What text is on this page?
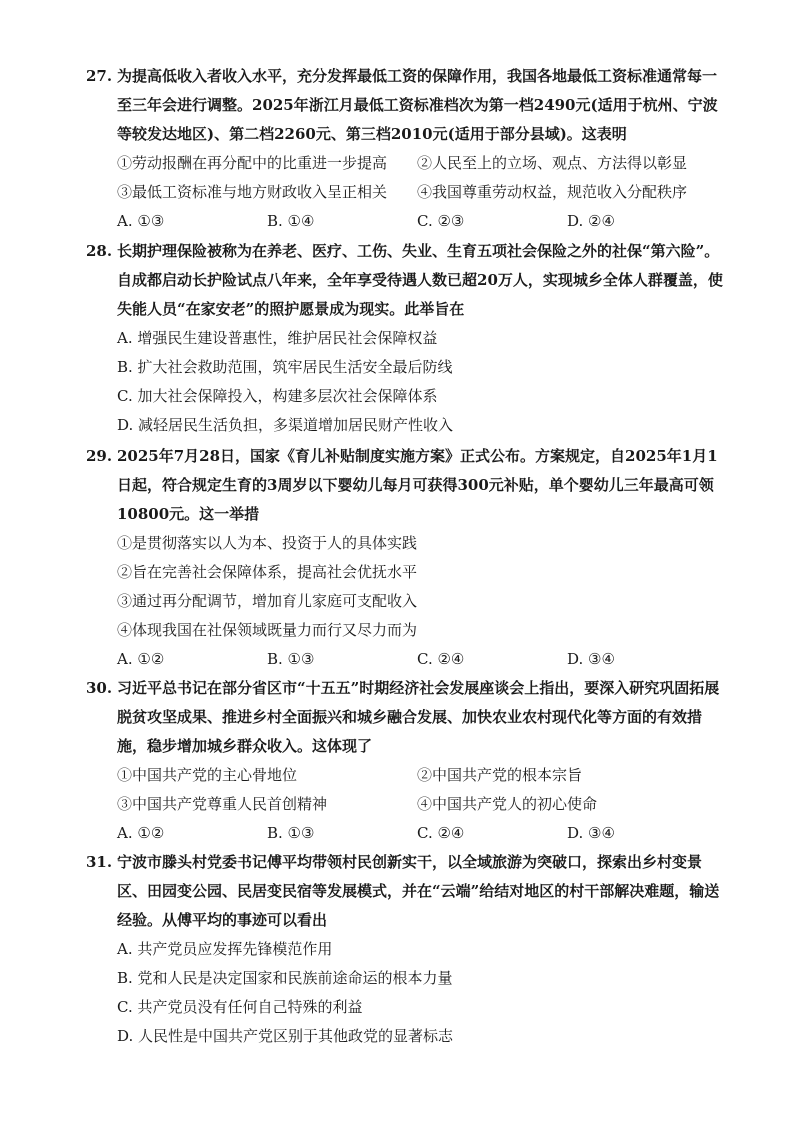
27. 为提高低收入者收入水平，充分发挥最低工资的保障作用，我国各地最低工资标准通常每一至三年会进行调整。2025年浙江月最低工资标准档次为第一档2490元(适用于杭州、宁波等较发达地区)、第二档2260元、第三档2010元(适用于部分县域)。这表明

①劳动报酬在再分配中的比重进一步提高	②人民至上的立场、观点、方法得以彰显
③最低工资标准与地方财政收入呈正相关	④我国尊重劳动权益，规范收入分配秩序
A. ①③	B. ①④	C. ②③	D. ②④

28. 长期护理保险被称为在养老、医疗、工伤、失业、生育五项社会保险之外的社保“第六险”。自成都启动长护险试点八年来，全年享受待遇人数已超20万人，实现城乡全体人群覆盖，使失能人员“在家安老”的照护愿景成为现实。此举旨在

A. 增强民生建设普惠性，维护居民社会保障权益
B. 扩大社会救助范围，筑牢居民生活安全最后防线
C. 加大社会保障投入，构建多层次社会保障体系
D. 减轻居民生活负担，多渠道增加居民财产性收入

29. 2025年7月28日，国家《育儿补贴制度实施方案》正式公布。方案规定，自2025年1月1日起，符合规定生育的3周岁以下婴幼儿每月可获得300元补贴，单个婴幼儿三年最高可领10800元。这一举措

①是贯彻落实以人为本、投资于人的具体实践
②旨在完善社会保障体系，提高社会优抚水平
③通过再分配调节，增加育儿家庭可支配收入
④体现我国在社保领域既量力而行又尽力而为
A. ①②	B. ①③	C. ②④	D. ③④

30. 习近平总书记在部分省区市“十五五”时期经济社会发展座谈会上指出，要深入研究巩固拓展脱贫攻坚成果、推进乡村全面振兴和城乡融合发展、加快农业农村现代化等方面的有效措施，稳步增加城乡群众收入。这体现了

①中国共产党的主心骨地位	②中国共产党的根本宗旨
③中国共产党尊重人民首创精神	④中国共产党人的初心使命
A. ①②	B. ①③	C. ②④	D. ③④

31. 宁波市滕头村党委书记傅平均带领村民创新实干，以全域旅游为突破口，探索出乡村变景区、田园变公园、民居变民宿等发展模式，并在“云端”给结对地区的村干部解决难题，输送经验。从傅平均的事迹可以看出

A. 共产党员应发挥先锋模范作用
B. 党和人民是决定国家和民族前途命运的根本力量
C. 共产党员没有任何自己特殊的利益
D. 人民性是中国共产党区别于其他政党的显著标志
